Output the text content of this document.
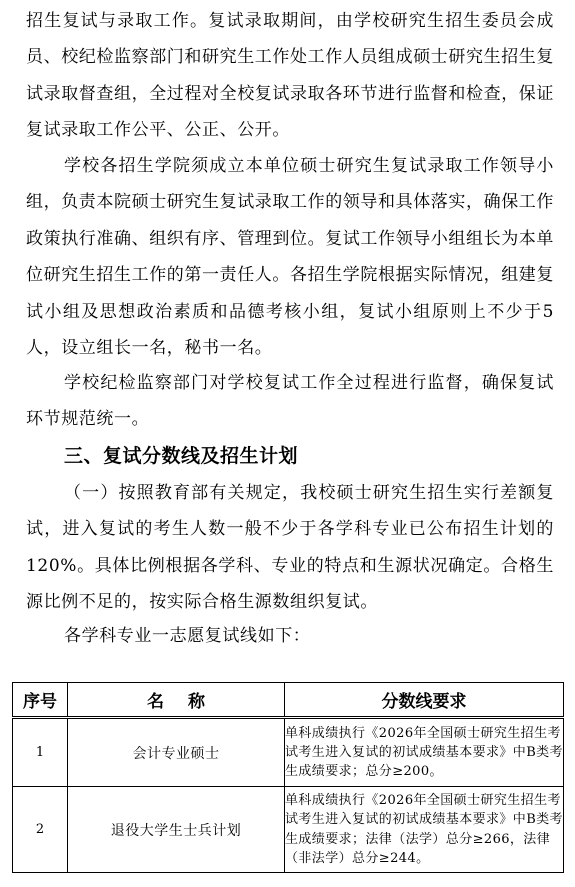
招生复试与录取工作。复试录取期间，由学校研究生招生委员会成员、校纪检监察部门和研究生工作处工作人员组成硕士研究生招生复试录取督查组，全过程对全校复试录取各环节进行监督和检查，保证复试录取工作公平、公正、公开。

学校各招生学院须成立本单位硕士研究生复试录取工作领导小组，负责本院硕士研究生复试录取工作的领导和具体落实，确保工作政策执行准确、组织有序、管理到位。复试工作领导小组组长为本单位研究生招生工作的第一责任人。各招生学院根据实际情况，组建复试小组及思想政治素质和品德考核小组，复试小组原则上不少于5人，设立组长一名，秘书一名。

学校纪检监察部门对学校复试工作全过程进行监督，确保复试环节规范统一。

三、复试分数线及招生计划

（一）按照教育部有关规定，我校硕士研究生招生实行差额复试，进入复试的考生人数一般不少于各学科专业已公布招生计划的120%。具体比例根据各学科、专业的特点和生源状况确定。合格生源比例不足的，按实际合格生源数组织复试。

各学科专业一志愿复试线如下：

序号	名称	分数线要求
1	会计专业硕士	单科成绩执行《2026年全国硕士研究生招生考试考生进入复试的初试成绩基本要求》中B类考生成绩要求；总分≥200。
2	退役大学生士兵计划	单科成绩执行《2026年全国硕士研究生招生考试考生进入复试的初试成绩基本要求》中B类考生成绩要求；法律（法学）总分≥266，法律（非法学）总分≥244。
